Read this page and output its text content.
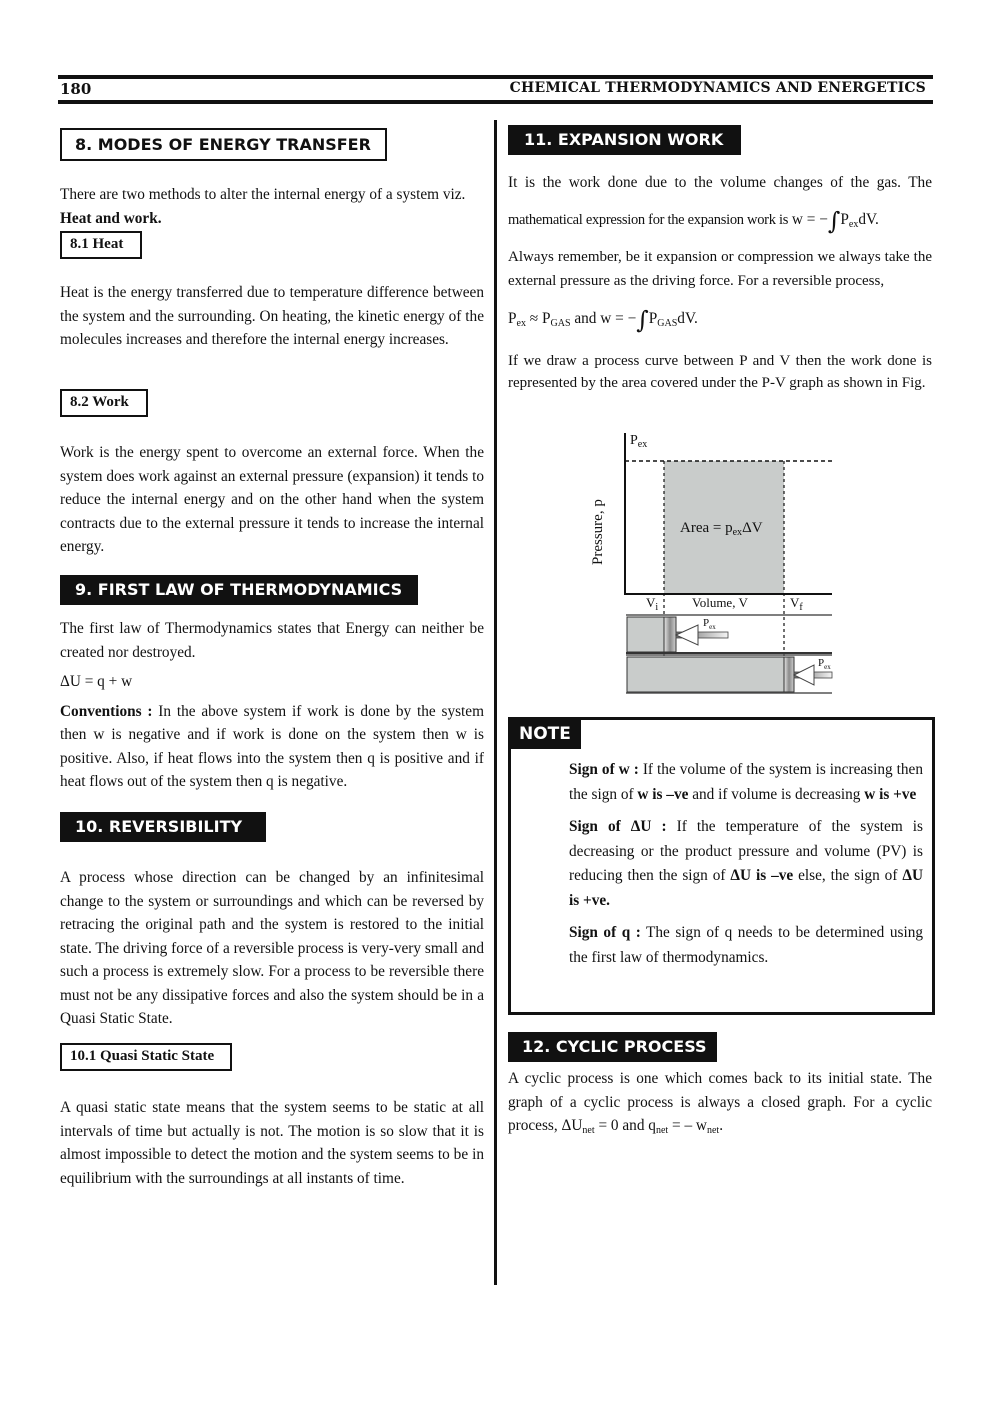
180	CHEMICAL THERMODYNAMICS AND ENERGETICS
8. MODES OF ENERGY TRANSFER

There are two methods to alter the internal energy of a system viz.
Heat and work.

8.1 Heat

Heat is the energy transferred due to temperature difference between the system and the surrounding. On heating, the kinetic energy of the molecules increases and therefore the internal energy increases.

8.2 Work

Work is the energy spent to overcome an external force. When the system does work against an external pressure (expansion) it tends to reduce the internal energy and on the other hand when the system contracts due to the external pressure it tends to increase the internal energy.

9. FIRST LAW OF THERMODYNAMICS

The first law of Thermodynamics states that Energy can neither be created nor destroyed.

ΔU = q + w

Conventions : In the above system if work is done by the system then w is negative and if work is done on the system then w is positive. Also, if heat flows into the system then q is positive and if heat flows out of the system then q is negative.

10. REVERSIBILITY

A process whose direction can be changed by an infinitesimal change to the system or surroundings and which can be reversed by retracing the original path and the system is restored to the initial state. The driving force of a reversible process is very-very small and such a process is extremely slow. For a process to be reversible there must not be any dissipative forces and also the system should be in a Quasi Static State.

10.1 Quasi Static State

A quasi static state means that the system seems to be static at all intervals of time but actually is not. The motion is so slow that it is almost impossible to detect the motion and the system seems to be in equilibrium with the surroundings at all instants of time.

11. EXPANSION WORK

It is the work done due to the volume changes of the gas. The

mathematical expression for the expansion work is $w = -\int P_{ex}dV$.

Always remember, be it expansion or compression we always take the external pressure as the driving force. For a reversible process,

$P_{ex} \approx P_{GAS}$ and $w = -\int P_{GAS}dV$.

If we draw a process curve between P and V then the work done is represented by the area covered under the P-V graph as shown in Fig.

Pressure, p
$P_{ex}$
Area = $p_{ex}\Delta V$
$V_i$	Volume, V	$V_f$
$P_{ex}$
$P_{ex}$
NOTE

Sign of w : If the volume of the system is increasing then the sign of w is –ve and if volume is decreasing w is +ve

Sign of ΔU : If the temperature of the system is decreasing or the product pressure and volume (PV) is reducing then the sign of ΔU is –ve else, the sign of ΔU is +ve.

Sign of q : The sign of q needs to be determined using the first law of thermodynamics.

12. CYCLIC PROCESS

A cyclic process is one which comes back to its initial state. The graph of a cyclic process is always a closed graph. For a cyclic process, $\Delta U_{net} = 0$ and $q_{net}$ = – $w_{net}$.
